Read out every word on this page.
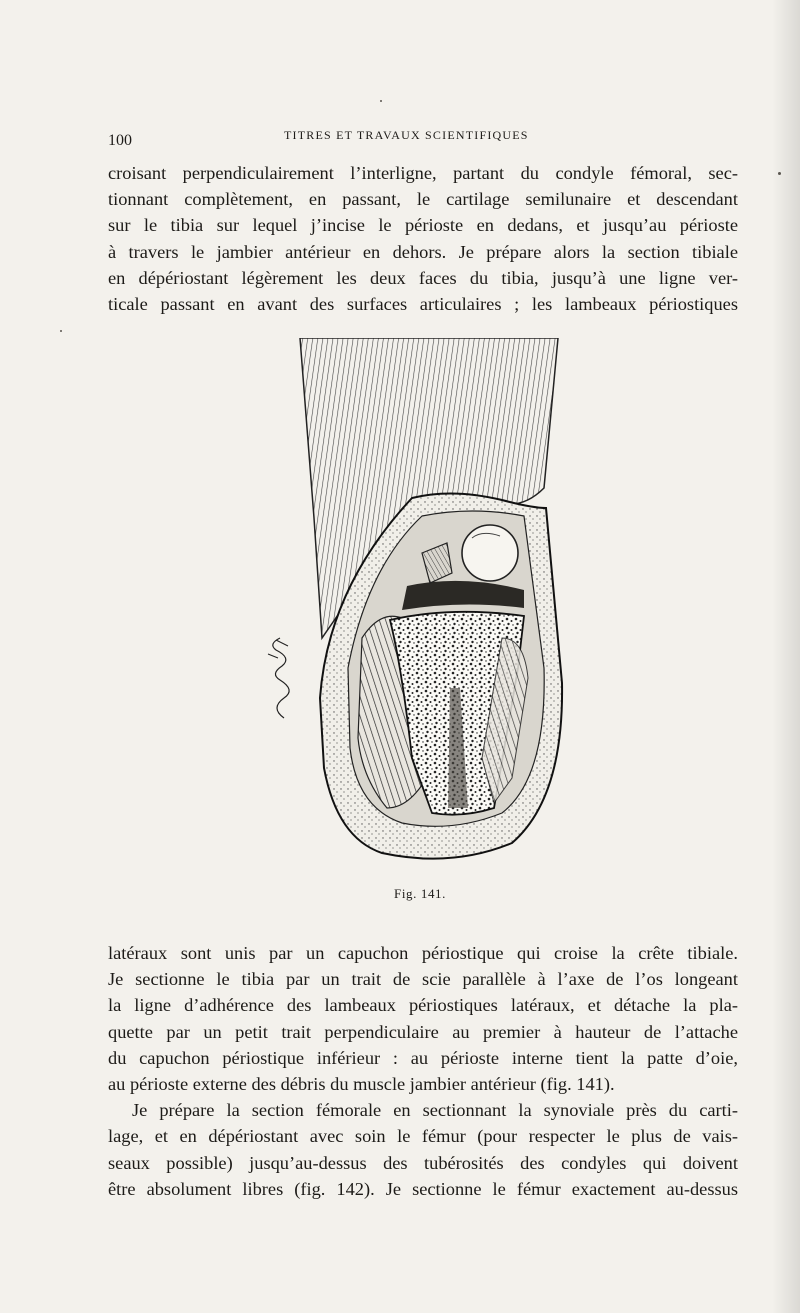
100	TITRES ET TRAVAUX SCIENTIFIQUES
croisant perpendiculairement l’interligne, partant du condyle fémoral, sec-
tionnant complètement, en passant, le cartilage semilunaire et descendant
sur le tibia sur lequel j’incise le périoste en dedans, et jusqu’au périoste
à travers le jambier antérieur en dehors. Je prépare alors la section tibiale
en dépériostant légèrement les deux faces du tibia, jusqu’à une ligne ver-
ticale passant en avant des surfaces articulaires ; les lambeaux périostiques
Fig. 141.
latéraux sont unis par un capuchon périostique qui croise la crête tibiale.
Je sectionne le tibia par un trait de scie parallèle à l’axe de l’os longeant
la ligne d’adhérence des lambeaux périostiques latéraux, et détache la pla-
quette par un petit trait perpendiculaire au premier à hauteur de l’attache
du capuchon périostique inférieur : au périoste interne tient la patte d’oie,
au périoste externe des débris du muscle jambier antérieur (fig. 141).
Je prépare la section fémorale en sectionnant la synoviale près du carti-
lage, et en dépériostant avec soin le fémur (pour respecter le plus de vais-
seaux possible) jusqu’au-dessus des tubérosités des condyles qui doivent
être absolument libres (fig. 142). Je sectionne le fémur exactement au-dessus
